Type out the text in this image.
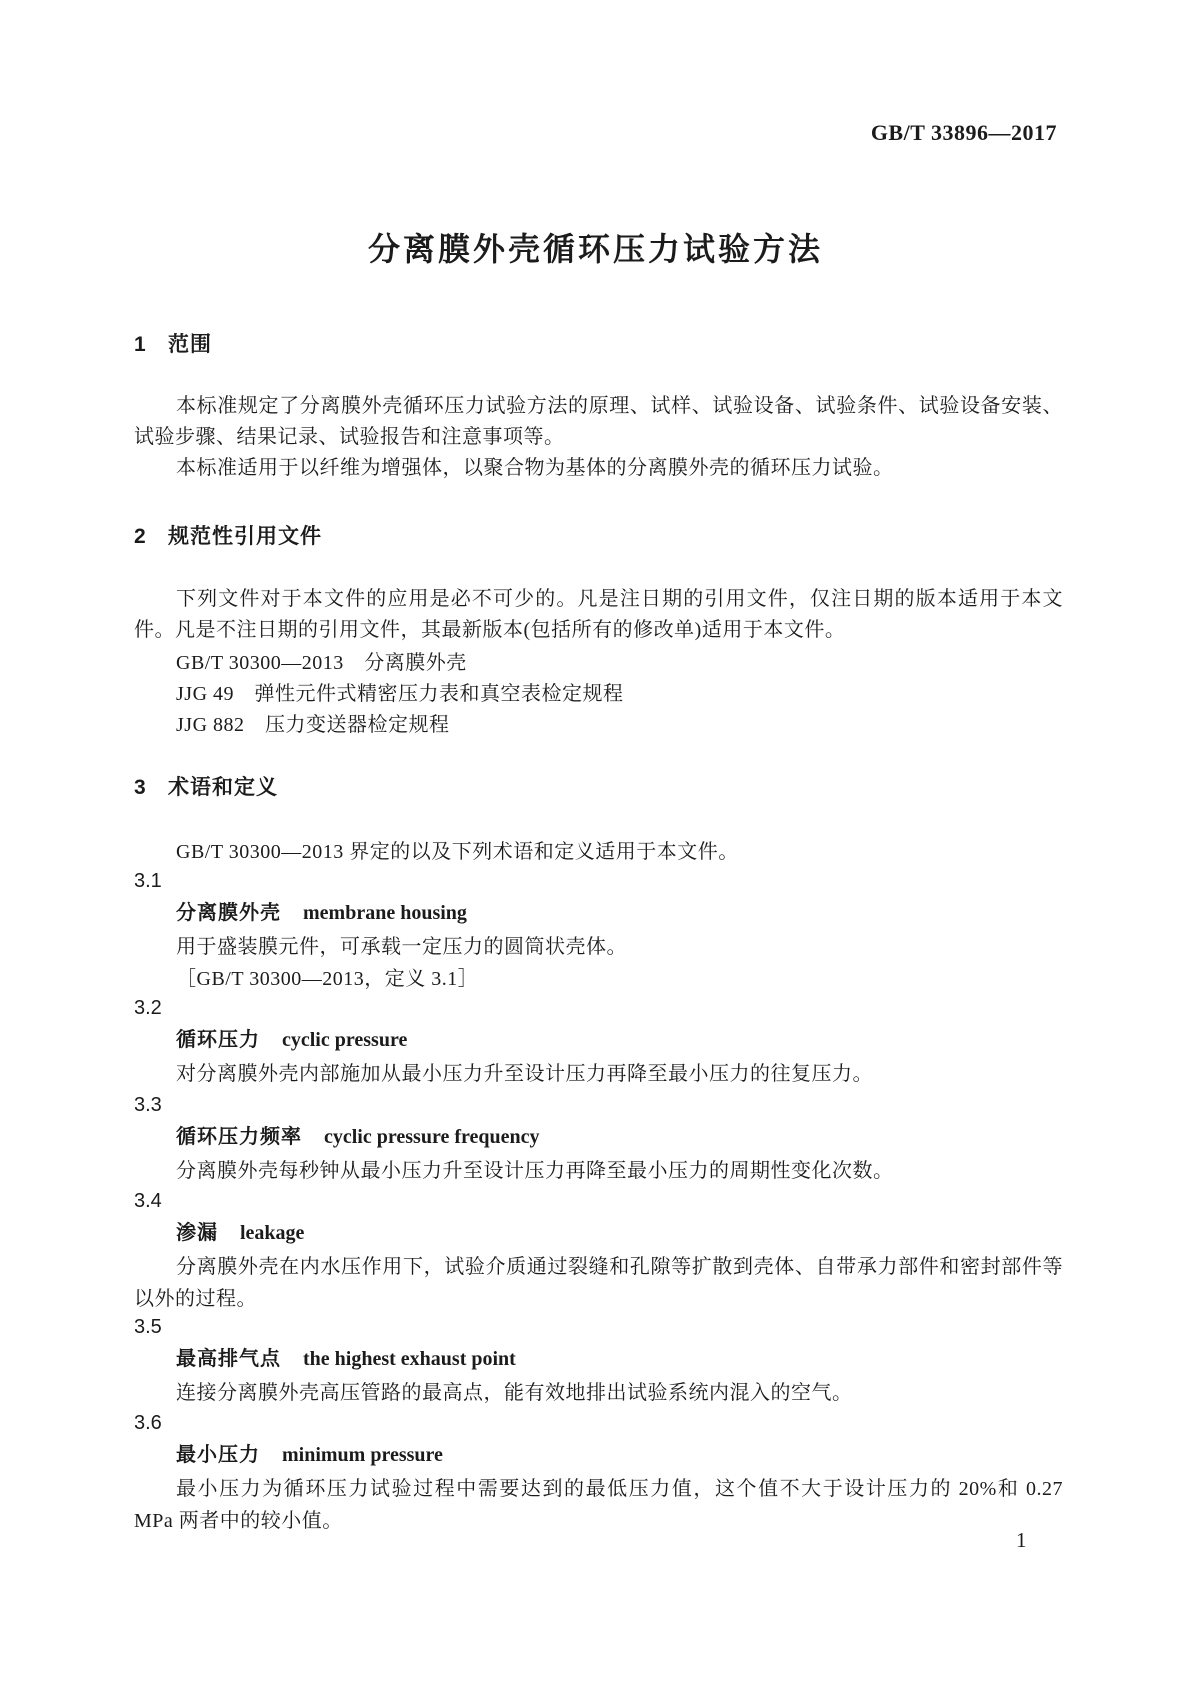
GB/T 33896—2017
分离膜外壳循环压力试验方法
1 范围

本标准规定了分离膜外壳循环压力试验方法的原理、试样、试验设备、试验条件、试验设备安装、试验步骤、结果记录、试验报告和注意事项等。

本标准适用于以纤维为增强体，以聚合物为基体的分离膜外壳的循环压力试验。

2 规范性引用文件

下列文件对于本文件的应用是必不可少的。凡是注日期的引用文件，仅注日期的版本适用于本文件。凡是不注日期的引用文件，其最新版本(包括所有的修改单)适用于本文件。

GB/T 30300—2013　分离膜外壳

JJG 49　弹性元件式精密压力表和真空表检定规程

JJG 882　压力变送器检定规程

3 术语和定义

GB/T 30300—2013 界定的以及下列术语和定义适用于本文件。

3.1
分离膜外壳 membrane housing

用于盛装膜元件，可承载一定压力的圆筒状壳体。

［GB/T 30300—2013，定义 3.1］

3.2
循环压力 cyclic pressure

对分离膜外壳内部施加从最小压力升至设计压力再降至最小压力的往复压力。

3.3
循环压力频率 cyclic pressure frequency

分离膜外壳每秒钟从最小压力升至设计压力再降至最小压力的周期性变化次数。

3.4
渗漏 leakage

分离膜外壳在内水压作用下，试验介质通过裂缝和孔隙等扩散到壳体、自带承力部件和密封部件等以外的过程。

3.5
最高排气点 the highest exhaust point

连接分离膜外壳高压管路的最高点，能有效地排出试验系统内混入的空气。

3.6
最小压力 minimum pressure

最小压力为循环压力试验过程中需要达到的最低压力值，这个值不大于设计压力的 20%和 0.27 MPa 两者中的较小值。

1
